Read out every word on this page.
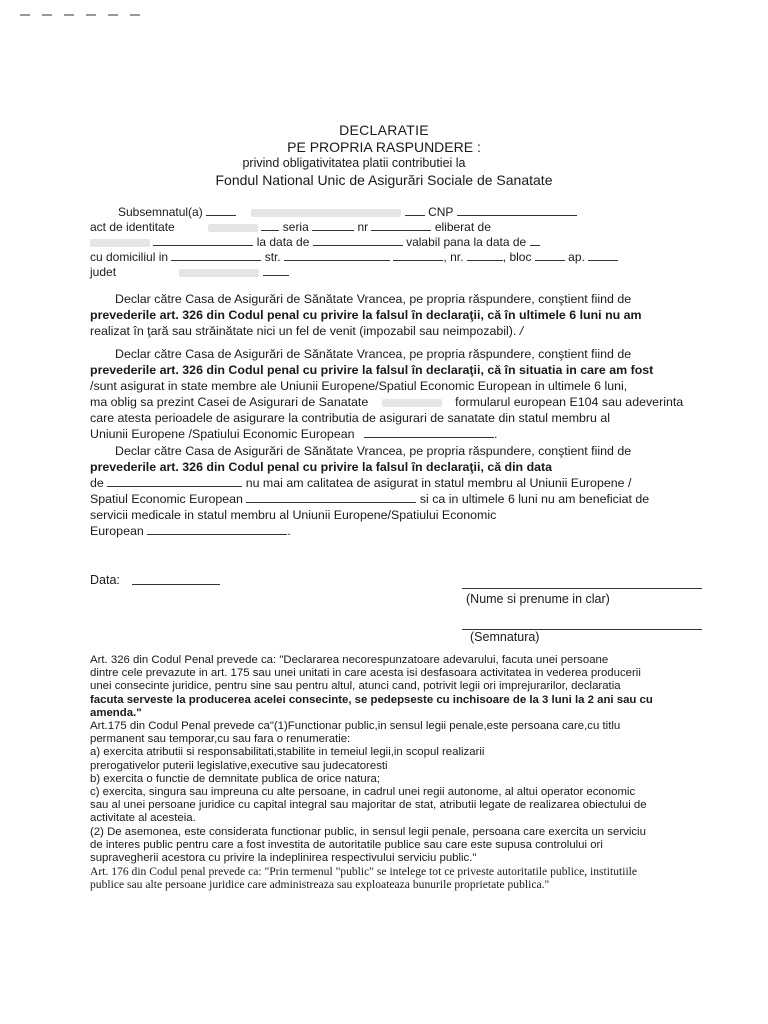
DECLARATIE
PE PROPRIA RASPUNDERE :
privind obligativitatea platii contributiei la
Fondul National Unic de Asigurări Sociale de Sanatate
Subsemnatul(a)	CNP
act de identitate	seria	nr	eliberat de
la data de	valabil pana la data de
cu domiciliul in	str.	, nr.	, bloc	ap.
judet
Declar către Casa de Asigurări de Sănătate Vrancea, pe propria răspundere, conştient fiind de
prevederile art. 326 din Codul penal cu privire la falsul în declaraţii, că în ultimele 6 luni nu am
realizat în ţară sau străinătate nici un fel de venit (impozabil sau neimpozabil). /
Declar către Casa de Asigurări de Sănătate Vrancea, pe propria răspundere, conştient fiind de
prevederile art. 326 din Codul penal cu privire la falsul în declaraţii, că în situatia in care am fost
/sunt asigurat in state membre ale Uniunii Europene/Spatiul Economic European in ultimele 6 luni,
ma oblig sa prezint Casei de Asigurari de Sanatate	formularul european E104 sau adeverinta
care atesta perioadele de asigurare la contributia de asigurari de sanatate din statul membru al
Uniunii Europene /Spatiului Economic European	.
Declar către Casa de Asigurări de Sănătate Vrancea, pe propria răspundere, conştient fiind de
prevederile art. 326 din Codul penal cu privire la falsul în declaraţii, că din data
de	nu mai am calitatea de asigurat in statul membru al Uniunii Europene /
Spatiul Economic European	si ca in ultimele 6 luni nu am beneficiat de
servicii medicale in statul membru al Uniunii Europene/Spatiului Economic
European	.
Data:
(Nume si prenume in clar)
(Semnatura)
Art. 326 din Codul Penal prevede ca: "Declararea necorespunzatoare adevarului, facuta unei persoane
dintre cele prevazute in art. 175 sau unei unitati in care acesta isi desfasoara activitatea in vederea producerii
unei consecinte juridice, pentru sine sau pentru altul, atunci cand, potrivit legii ori imprejurarilor, declaratia
facuta serveste la producerea acelei consecinte, se pedepseste cu inchisoare de la 3 luni la 2 ani sau cu
amenda."
Art.175 din Codul Penal prevede ca"(1)Functionar public,in sensul legii penale,este persoana care,cu titlu
permanent sau temporar,cu sau fara o renumeratie:
a) exercita atributii si responsabilitati,stabilite in temeiul legii,in scopul realizarii
prerogativelor puterii legislative,executive sau judecatoresti
b) exercita o functie de demnitate publica de orice natura;
c) exercita, singura sau impreuna cu alte persoane, in cadrul unei regii autonome, al altui operator economic
sau al unei persoane juridice cu capital integral sau majoritar de stat, atributii legate de realizarea obiectului de
activitate al acesteia.
(2) De asemonea, este considerata functionar public, in sensul legii penale, persoana care exercita un serviciu
de interes public pentru care a fost investita de autoritatile publice sau care este supusa controlului ori
supravegherii acestora cu privire la indeplinirea respectivului serviciu public."
Art. 176 din Codul penal prevede ca: "Prin termenul "public" se intelege tot ce priveste autoritatile publice, institutiile
publice sau alte persoane juridice care administreaza sau exploateaza bunurile proprietate publica."
